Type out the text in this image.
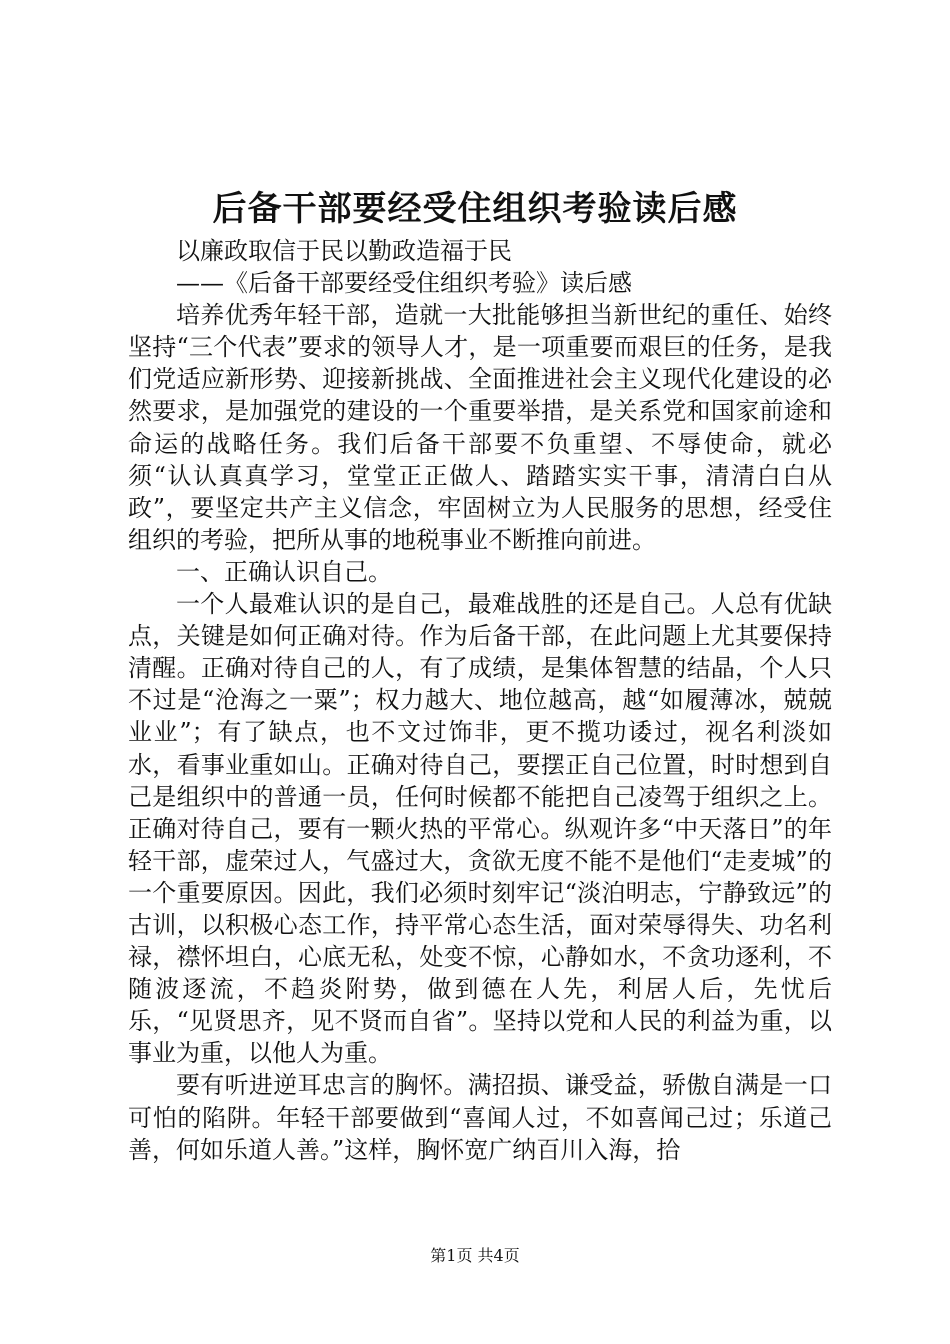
后备干部要经受住组织考验读后感

以廉政取信于民以勤政造福于民

——《后备干部要经受住组织考验》读后感

培养优秀年轻干部，造就一大批能够担当新世纪的重任、始终坚持“三个代表”要求的领导人才，是一项重要而艰巨的任务，是我们党适应新形势、迎接新挑战、全面推进社会主义现代化建设的必然要求，是加强党的建设的一个重要举措，是关系党和国家前途和命运的战略任务。我们后备干部要不负重望、不辱使命，就必须“认认真真学习，堂堂正正做人、踏踏实实干事，清清白白从政”，要坚定共产主义信念，牢固树立为人民服务的思想，经受住组织的考验，把所从事的地税事业不断推向前进。

一、正确认识自己。

一个人最难认识的是自己，最难战胜的还是自己。人总有优缺点，关键是如何正确对待。作为后备干部，在此问题上尤其要保持清醒。正确对待自己的人，有了成绩，是集体智慧的结晶，个人只不过是“沧海之一粟”；权力越大、地位越高，越“如履薄冰，兢兢业业”；有了缺点，也不文过饰非，更不揽功诿过，视名利淡如水，看事业重如山。正确对待自己，要摆正自己位置，时时想到自己是组织中的普通一员，任何时候都不能把自己凌驾于组织之上。正确对待自己，要有一颗火热的平常心。纵观许多“中天落日”的年轻干部，虚荣过人，气盛过大，贪欲无度不能不是他们“走麦城”的一个重要原因。因此，我们必须时刻牢记“淡泊明志，宁静致远”的古训，以积极心态工作，持平常心态生活，面对荣辱得失、功名利禄，襟怀坦白，心底无私，处变不惊，心静如水，不贪功逐利，不随波逐流，不趋炎附势，做到德在人先，利居人后，先忧后乐，“见贤思齐，见不贤而自省”。坚持以党和人民的利益为重，以事业为重，以他人为重。

要有听进逆耳忠言的胸怀。满招损、谦受益，骄傲自满是一口可怕的陷阱。年轻干部要做到“喜闻人过，不如喜闻己过；乐道己善，何如乐道人善。”这样，胸怀宽广纳百川入海，拾

第1页 共4页
